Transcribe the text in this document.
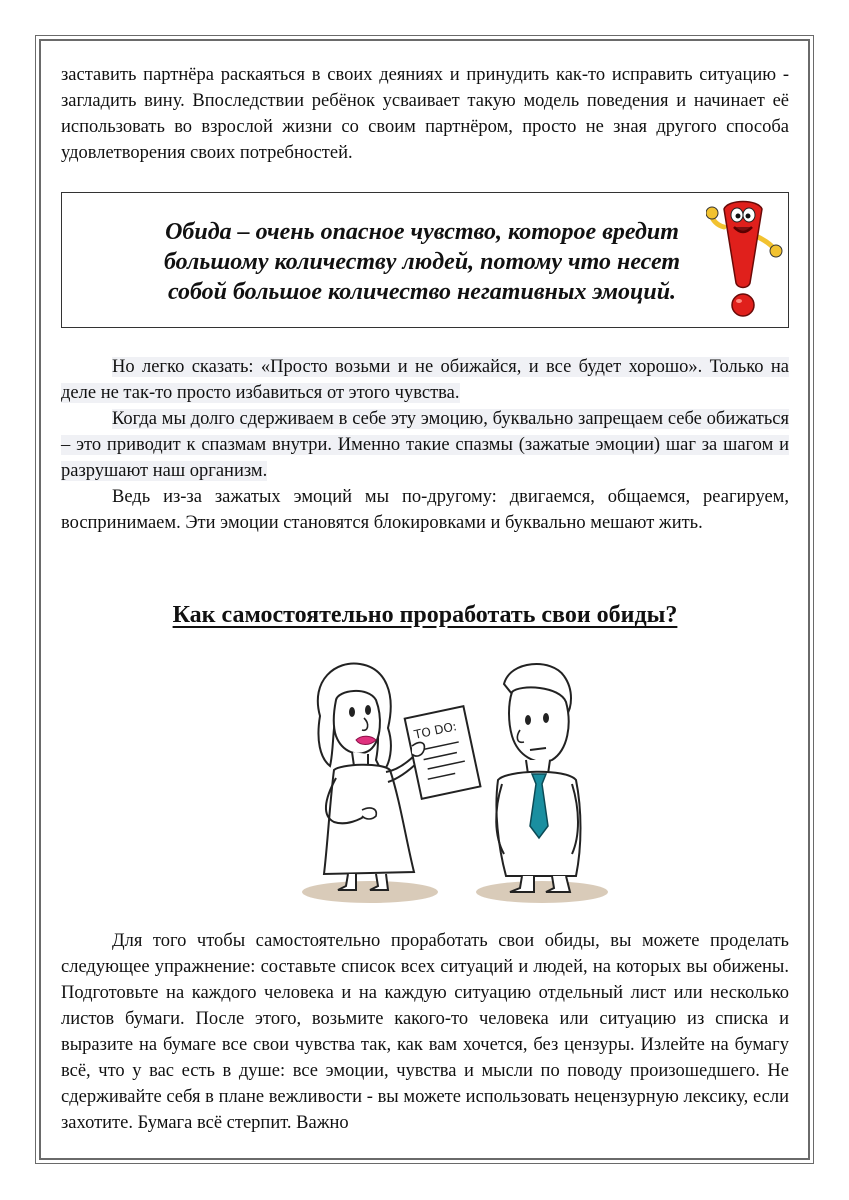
заставить партнёра раскаяться в своих деяниях и принудить как-то исправить ситуацию - загладить вину. Впоследствии ребёнок усваивает такую модель поведения и начинает её использовать во взрослой жизни со своим партнёром, просто не зная другого способа удовлетворения своих потребностей.

Обида – очень опасное чувство, которое вредит
большому количеству людей, потому что несет
собой большое количество негативных эмоций.

Но легко сказать: «Просто возьми и не обижайся, и все будет хорошо». Только на деле не так-то просто избавиться от этого чувства.

Когда мы долго сдерживаем в себе эту эмоцию, буквально запрещаем себе обижаться – это приводит к спазмам внутри. Именно такие спазмы (зажатые эмоции) шаг за шагом и разрушают наш организм.

Ведь из-за зажатых эмоций мы по-другому: двигаемся, общаемся, реагируем, воспринимаем. Эти эмоции становятся блокировками и буквально мешают жить.

Как самостоятельно проработать свои обиды?
TO DO:

Для того чтобы самостоятельно проработать свои обиды, вы можете проделать следующее упражнение: составьте список всех ситуаций и людей, на которых вы обижены. Подготовьте на каждого человека и на каждую ситуацию отдельный лист или несколько листов бумаги. После этого, возьмите какого-то человека или ситуацию из списка и выразите на бумаге все свои чувства так, как вам хочется, без цензуры. Излейте на бумагу всё, что у вас есть в душе: все эмоции, чувства и мысли по поводу произошедшего. Не сдерживайте себя в плане вежливости - вы можете использовать нецензурную лексику, если захотите. Бумага всё стерпит. Важно
